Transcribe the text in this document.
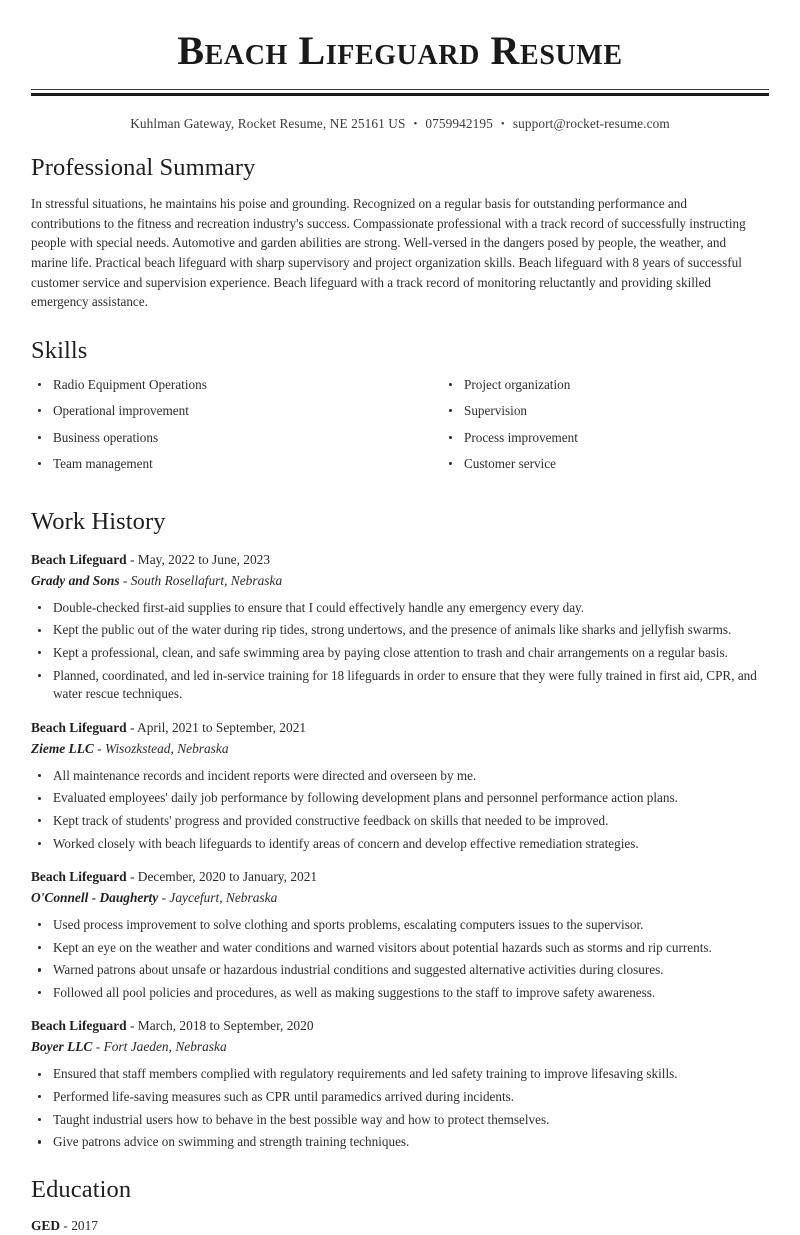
Beach Lifeguard Resume
Kuhlman Gateway, Rocket Resume, NE 25161 US • 0759942195 • support@rocket-resume.com
Professional Summary

In stressful situations, he maintains his poise and grounding. Recognized on a regular basis for outstanding performance and contributions to the fitness and recreation industry's success. Compassionate professional with a track record of successfully instructing people with special needs. Automotive and garden abilities are strong. Well-versed in the dangers posed by people, the weather, and marine life. Practical beach lifeguard with sharp supervisory and project organization skills. Beach lifeguard with 8 years of successful customer service and supervision experience. Beach lifeguard with a track record of monitoring reluctantly and providing skilled emergency assistance.

Skills
Radio Equipment Operations
Operational improvement
Business operations
Team management
Project organization
Supervision
Process improvement
Customer service
Work History
Beach Lifeguard - May, 2022 to June, 2023
Grady and Sons - South Rosellafurt, Nebraska
Double-checked first-aid supplies to ensure that I could effectively handle any emergency every day.
Kept the public out of the water during rip tides, strong undertows, and the presence of animals like sharks and jellyfish swarms.
Kept a professional, clean, and safe swimming area by paying close attention to trash and chair arrangements on a regular basis.
Planned, coordinated, and led in-service training for 18 lifeguards in order to ensure that they were fully trained in first aid, CPR, and water rescue techniques.
Beach Lifeguard - April, 2021 to September, 2021
Zieme LLC - Wisozkstead, Nebraska
All maintenance records and incident reports were directed and overseen by me.
Evaluated employees' daily job performance by following development plans and personnel performance action plans.
Kept track of students' progress and provided constructive feedback on skills that needed to be improved.
Worked closely with beach lifeguards to identify areas of concern and develop effective remediation strategies.
Beach Lifeguard - December, 2020 to January, 2021
O'Connell - Daugherty - Jaycefurt, Nebraska
Used process improvement to solve clothing and sports problems, escalating computers issues to the supervisor.
Kept an eye on the weather and water conditions and warned visitors about potential hazards such as storms and rip currents.
Warned patrons about unsafe or hazardous industrial conditions and suggested alternative activities during closures.
Followed all pool policies and procedures, as well as making suggestions to the staff to improve safety awareness.
Beach Lifeguard - March, 2018 to September, 2020
Boyer LLC - Fort Jaeden, Nebraska
Ensured that staff members complied with regulatory requirements and led safety training to improve lifesaving skills.
Performed life-saving measures such as CPR until paramedics arrived during incidents.
Taught industrial users how to behave in the best possible way and how to protect themselves.
Give patrons advice on swimming and strength training techniques.
Education
GED - 2017
